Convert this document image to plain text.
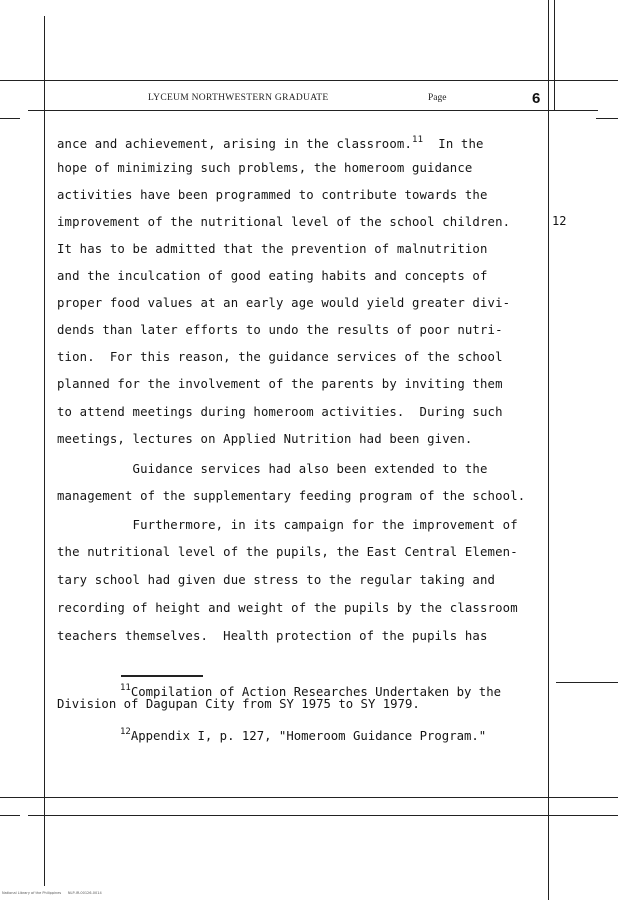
LYCEUM NORTHWESTERN GRADUATE	Page	6
ance and achievement, arising in the classroom.$^{11}$  In the
hope of minimizing such problems, the homeroom guidance
activities have been programmed to contribute towards the
improvement of the nutritional level of the school children.	12
It has to be admitted that the prevention of malnutrition
and the inculcation of good eating habits and concepts of
proper food values at an early age would yield greater divi-
dends than later efforts to undo the results of poor nutri-
tion.  For this reason, the guidance services of the school
planned for the involvement of the parents by inviting them
to attend meetings during homeroom activities.  During such
meetings, lectures on Applied Nutrition had been given.
Guidance services had also been extended to the
management of the supplementary feeding program of the school.
Furthermore, in its campaign for the improvement of
the nutritional level of the pupils, the East Central Elemen-
tary school had given due stress to the regular taking and
recording of height and weight of the pupils by the classroom
teachers themselves.  Health protection of the pupils has
$^{11}$Compilation of Action Researches Undertaken by the
Division of Dagupan City from SY 1975 to SY 1979.
$^{12}$Appendix I, p. 127, "Homeroom Guidance Program."
National Library of the Philippines      NLP-IR-00126-0014
